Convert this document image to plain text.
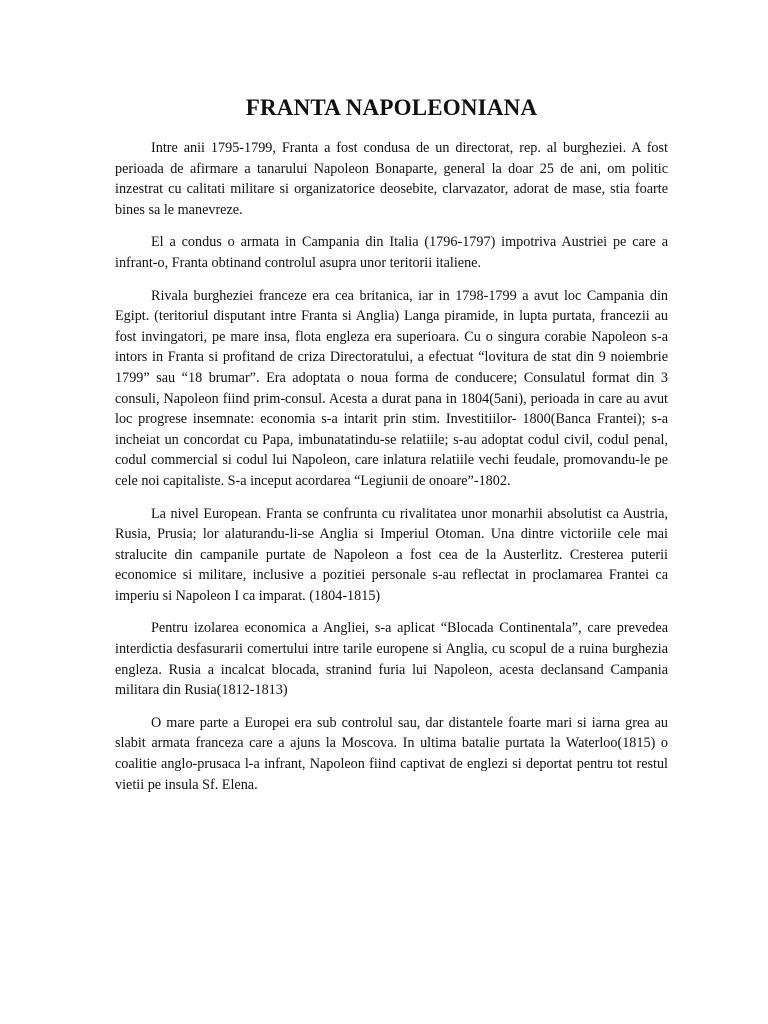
FRANTA NAPOLEONIANA

Intre anii 1795-1799, Franta a fost condusa de un directorat, rep. al burgheziei. A fost perioada de afirmare a tanarului Napoleon Bonaparte, general la doar 25 de ani, om politic inzestrat cu calitati militare si organizatorice deosebite, clarvazator, adorat de mase, stia foarte bines sa le manevreze.

El a condus o armata in Campania din Italia (1796-1797) impotriva Austriei pe care a infrant-o, Franta obtinand controlul asupra unor teritorii italiene.

Rivala burgheziei franceze era cea britanica, iar in 1798-1799 a avut loc Campania din Egipt. (teritoriul disputant intre Franta si Anglia) Langa piramide, in lupta purtata, francezii au fost invingatori, pe mare insa, flota engleza era superioara. Cu o singura corabie Napoleon s-a intors in Franta si profitand de criza Directoratului, a efectuat “lovitura de stat din 9 noiembrie 1799” sau “18 brumar”. Era adoptata o noua forma de conducere; Consulatul format din 3 consuli, Napoleon fiind prim-consul. Acesta a durat pana in 1804(5ani), perioada in care au avut loc progrese insemnate: economia s-a intarit prin stim. Investitiilor- 1800(Banca Frantei); s-a incheiat un concordat cu Papa, imbunatatindu-se relatiile; s-au adoptat codul civil, codul penal, codul commercial si codul lui Napoleon, care inlatura relatiile vechi feudale, promovandu-le pe cele noi capitaliste. S-a inceput acordarea “Legiunii de onoare”-1802.

La nivel European. Franta se confrunta cu rivalitatea unor monarhii absolutist ca Austria, Rusia, Prusia; lor alaturandu-li-se Anglia si Imperiul Otoman. Una dintre victoriile cele mai stralucite din campanile purtate de Napoleon a fost cea de la Austerlitz. Cresterea puterii economice si militare, inclusive a pozitiei personale s-au reflectat in proclamarea Frantei ca imperiu si Napoleon I ca imparat. (1804-1815)

Pentru izolarea economica a Angliei, s-a aplicat “Blocada Continentala”, care prevedea interdictia desfasurarii comertului intre tarile europene si Anglia, cu scopul de a ruina burghezia engleza. Rusia a incalcat blocada, stranind furia lui Napoleon, acesta declansand Campania militara din Rusia(1812-1813)

O mare parte a Europei era sub controlul sau, dar distantele foarte mari si iarna grea au slabit armata franceza care a ajuns la Moscova. In ultima batalie purtata la Waterloo(1815) o coalitie anglo-prusaca l-a infrant, Napoleon fiind captivat de englezi si deportat pentru tot restul vietii pe insula Sf. Elena.
